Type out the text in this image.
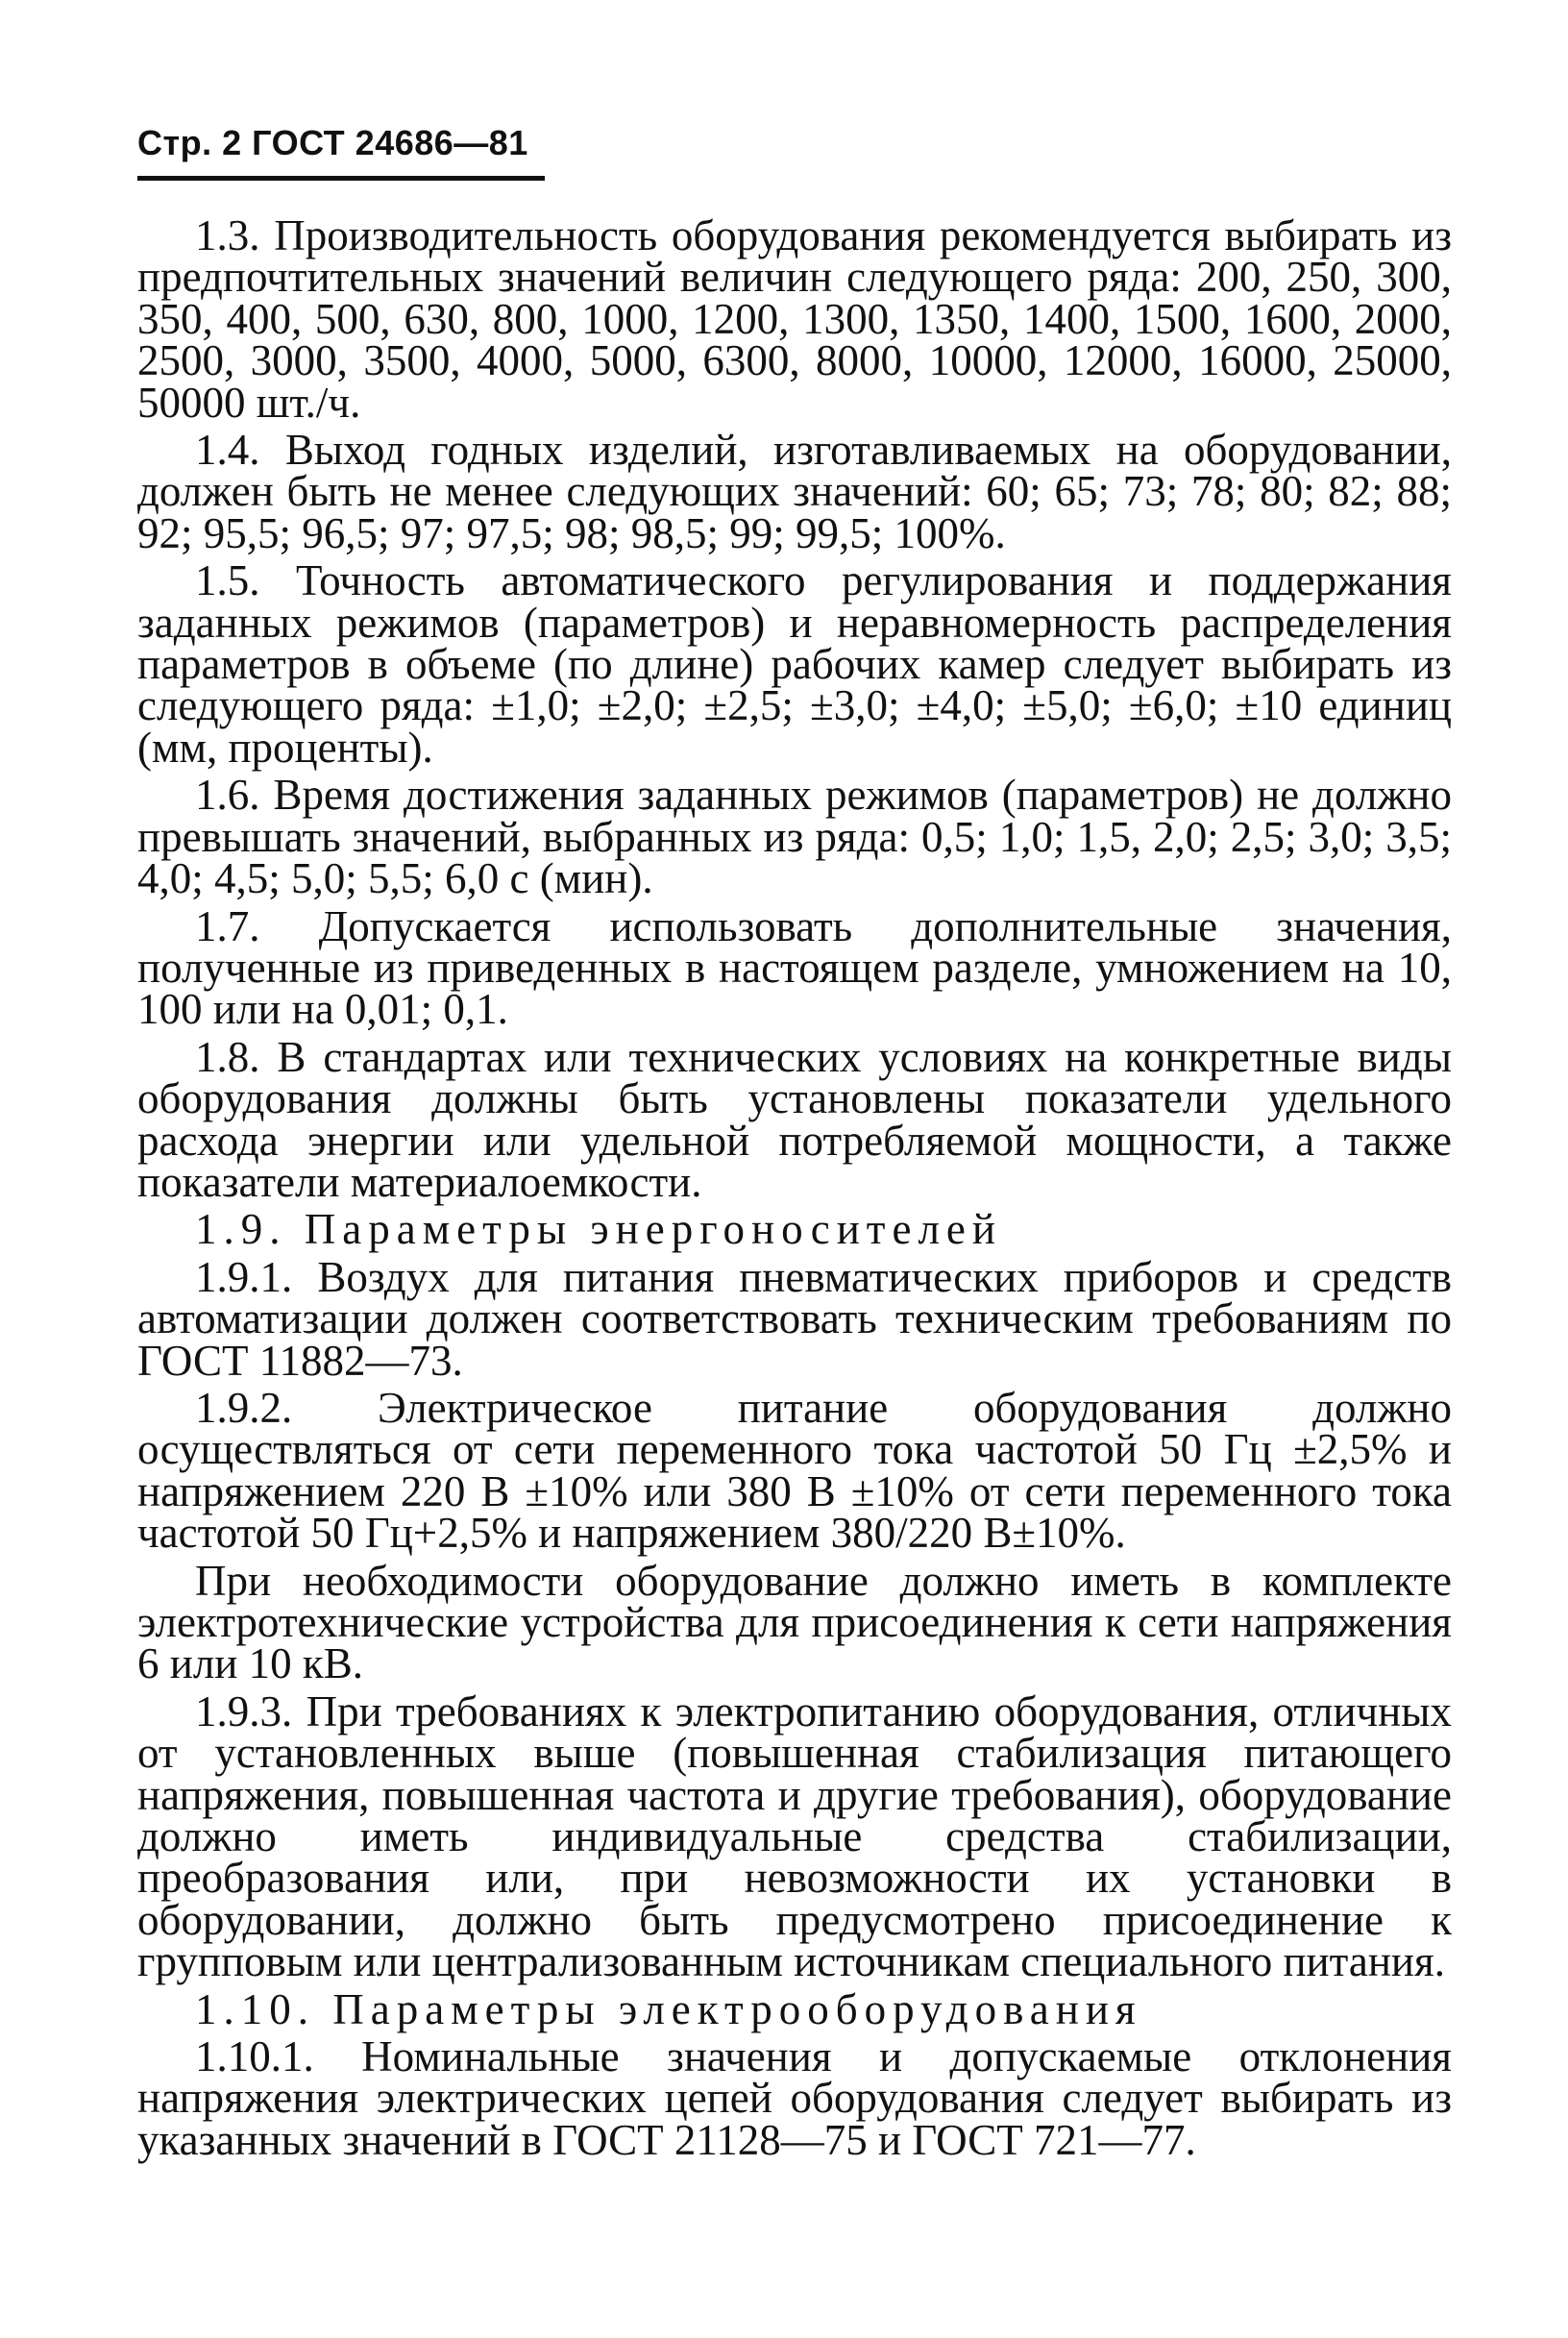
Стр. 2 ГОСТ 24686—81

1.3. Производительность оборудования рекомендуется выбирать из предпочтительных значений величин следующего ряда: 200, 250, 300, 350, 400, 500, 630, 800, 1000, 1200, 1300, 1350, 1400, 1500, 1600, 2000, 2500, 3000, 3500, 4000, 5000, 6300, 8000, 10000, 12000, 16000, 25000, 50000 шт./ч.

1.4. Выход годных изделий, изготавливаемых на оборудовании, должен быть не менее следующих значений: 60; 65; 73; 78; 80; 82; 88; 92; 95,5; 96,5; 97; 97,5; 98; 98,5; 99; 99,5; 100%.

1.5. Точность автоматического регулирования и поддержания заданных режимов (параметров) и неравномерность распределения параметров в объеме (по длине) рабочих камер следует выбирать из следующего ряда: ±1,0; ±2,0; ±2,5; ±3,0; ±4,0; ±5,0; ±6,0; ±10 единиц (мм, проценты).

1.6. Время достижения заданных режимов (параметров) не должно превышать значений, выбранных из ряда: 0,5; 1,0; 1,5, 2,0; 2,5; 3,0; 3,5; 4,0; 4,5; 5,0; 5,5; 6,0 с (мин).

1.7. Допускается использовать дополнительные значения, полученные из приведенных в настоящем разделе, умножением на 10, 100 или на 0,01; 0,1.

1.8. В стандартах или технических условиях на конкретные виды оборудования должны быть установлены показатели удельного расхода энергии или удельной потребляемой мощности, а также показатели материалоемкости.

1.9. Параметры энергоносителей

1.9.1. Воздух для питания пневматических приборов и средств автоматизации должен соответствовать техническим требованиям по ГОСТ 11882—73.

1.9.2. Электрическое питание оборудования должно осуществляться от сети переменного тока частотой 50 Гц ±2,5% и напряжением 220 В ±10% или 380 В ±10% от сети переменного тока частотой 50 Гц+2,5% и напряжением 380/220 В±10%.

При необходимости оборудование должно иметь в комплекте электротехнические устройства для присоединения к сети напряжения 6 или 10 кВ.

1.9.3. При требованиях к электропитанию оборудования, отличных от установленных выше (повышенная стабилизация питающего напряжения, повышенная частота и другие требования), оборудование должно иметь индивидуальные средства стабилизации, преобразования или, при невозможности их установки в оборудовании, должно быть предусмотрено присоединение к групповым или централизованным источникам специального питания.

1.10. Параметры электрооборудования

1.10.1. Номинальные значения и допускаемые отклонения напряжения электрических цепей оборудования следует выбирать из указанных значений в ГОСТ 21128—75 и ГОСТ 721—77.
